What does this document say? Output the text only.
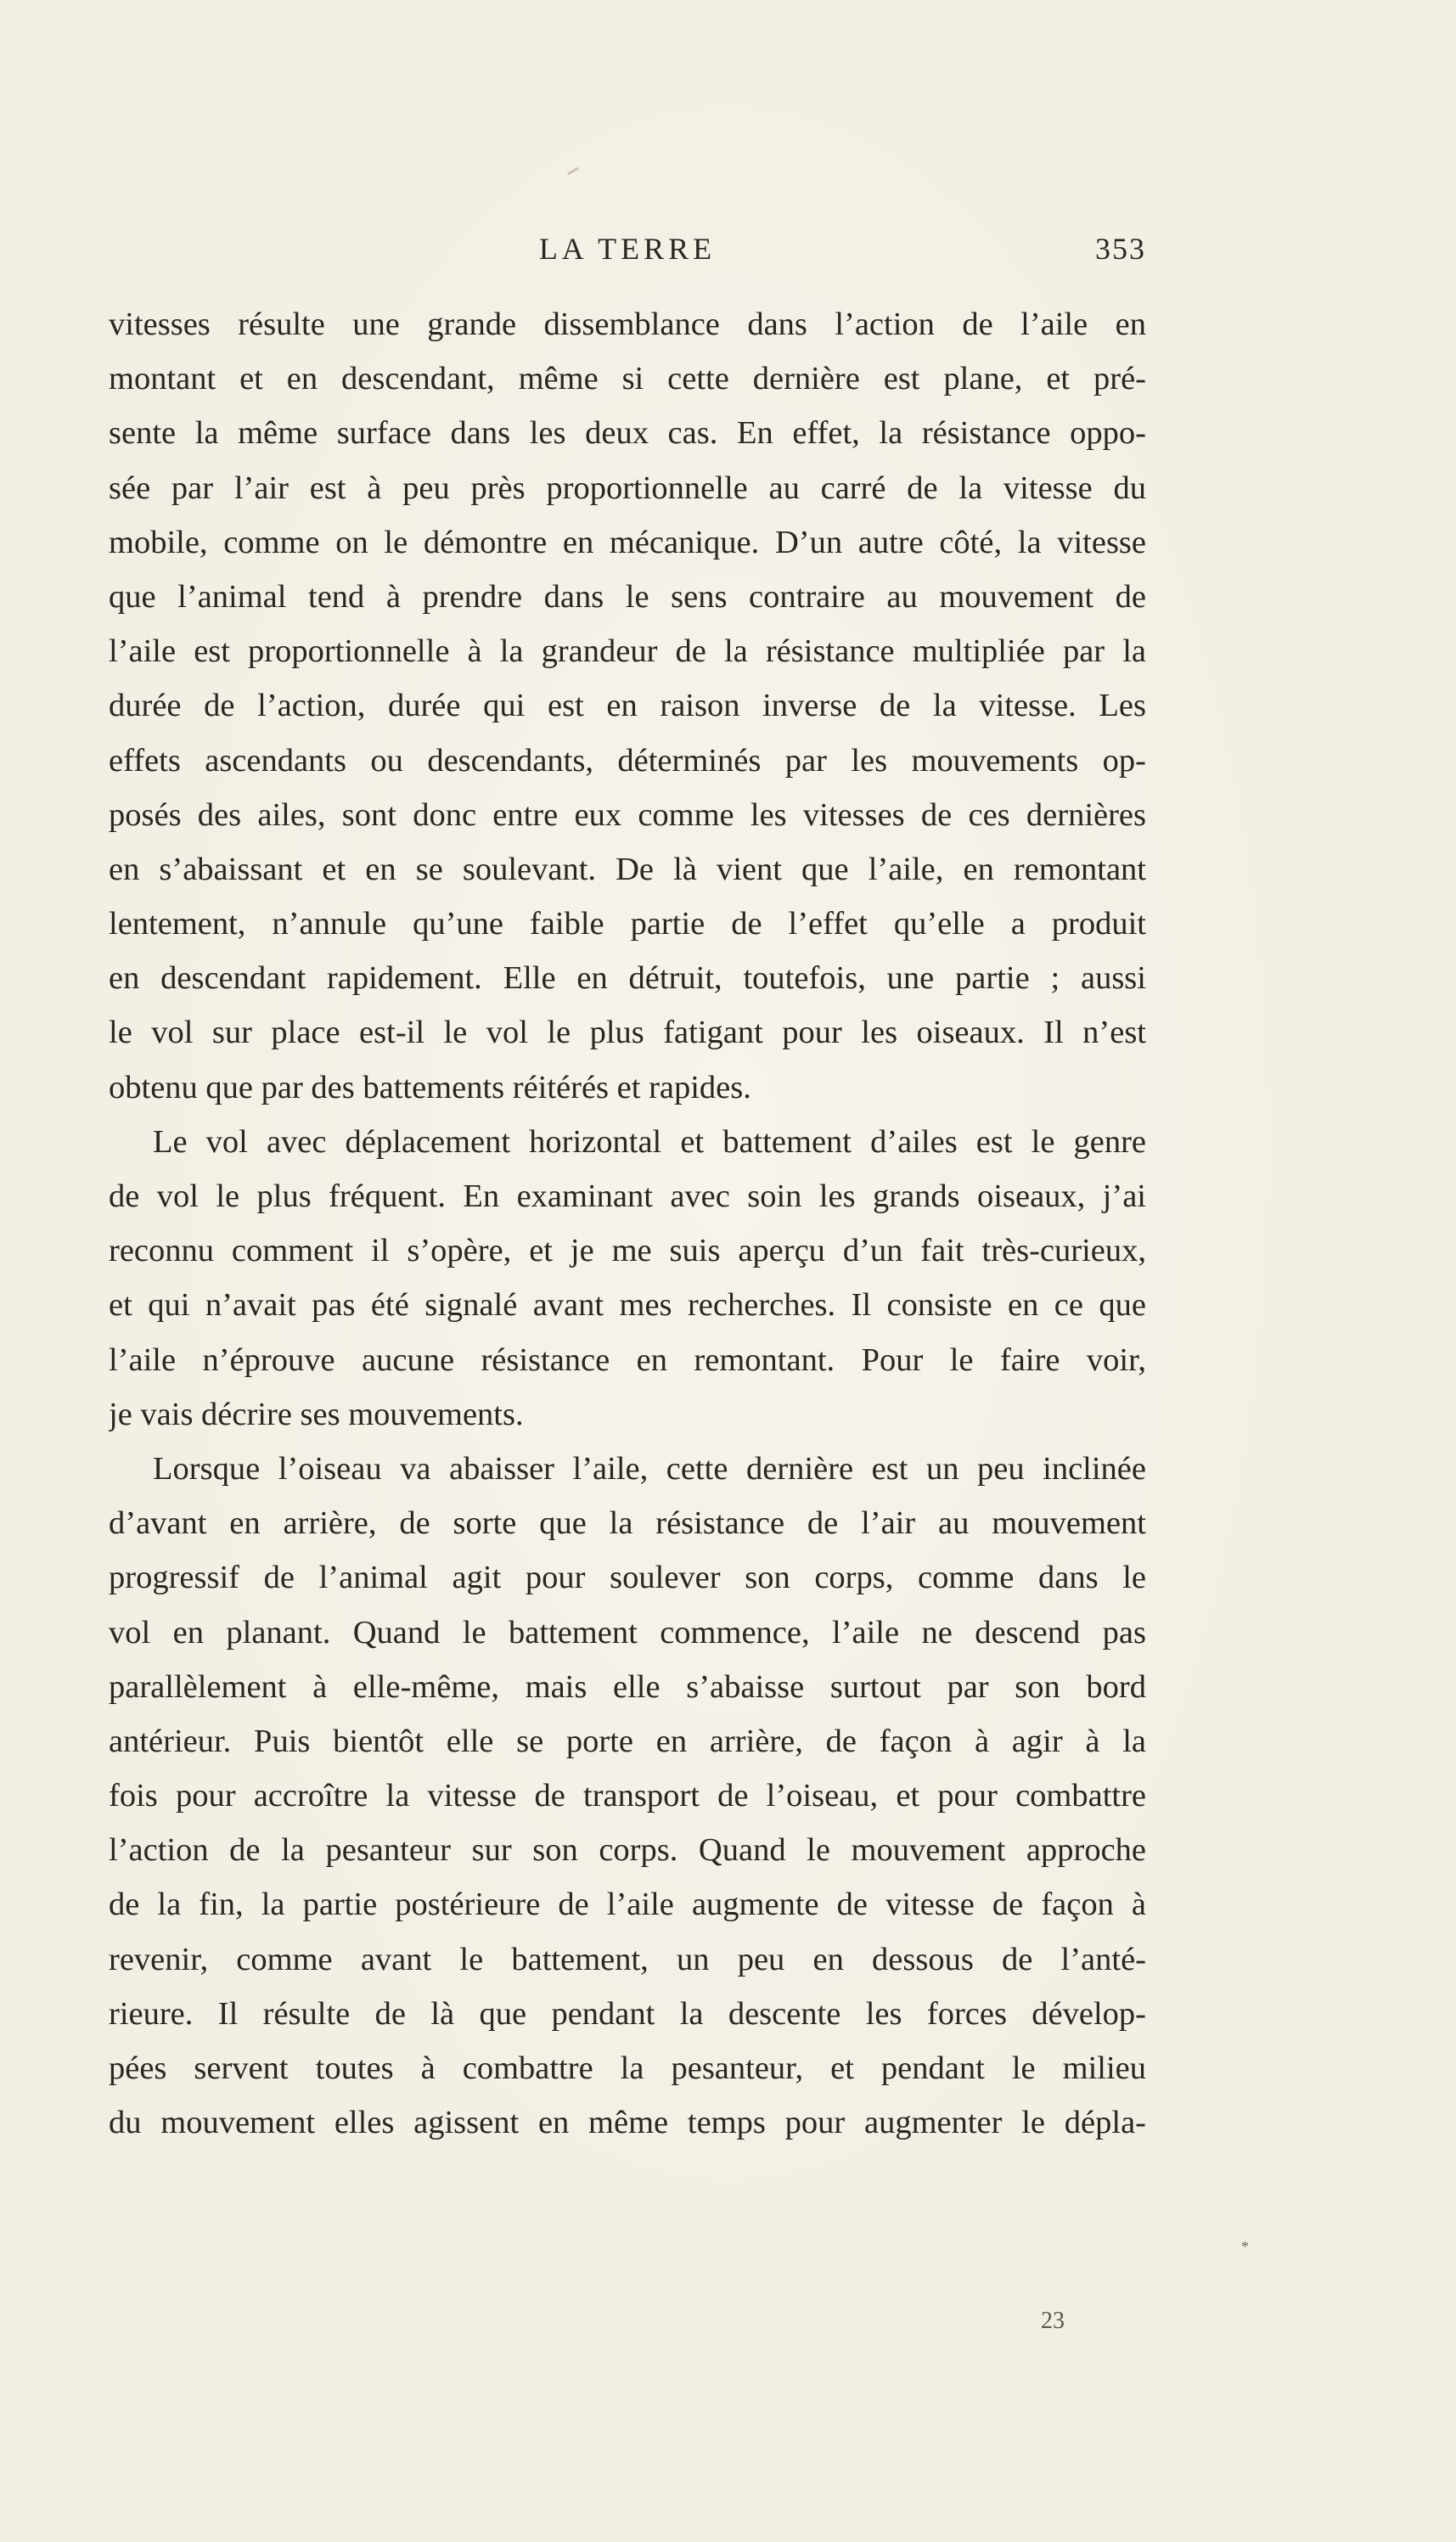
LA TERRE	353
vitesses résulte une grande dissemblance dans l’action de l’aile en
montant et en descendant, même si cette dernière est plane, et pré-
sente la même surface dans les deux cas. En effet, la résistance oppo-
sée par l’air est à peu près proportionnelle au carré de la vitesse du
mobile, comme on le démontre en mécanique. D’un autre côté, la vitesse
que l’animal tend à prendre dans le sens contraire au mouvement de
l’aile est proportionnelle à la grandeur de la résistance multipliée par la
durée de l’action, durée qui est en raison inverse de la vitesse. Les
effets ascendants ou descendants, déterminés par les mouvements op-
posés des ailes, sont donc entre eux comme les vitesses de ces dernières
en s’abaissant et en se soulevant. De là vient que l’aile, en remontant
lentement, n’annule qu’une faible partie de l’effet qu’elle a produit
en descendant rapidement. Elle en détruit, toutefois, une partie ; aussi
le vol sur place est-il le vol le plus fatigant pour les oiseaux. Il n’est
obtenu que par des battements réitérés et rapides.
Le vol avec déplacement horizontal et battement d’ailes est le genre
de vol le plus fréquent. En examinant avec soin les grands oiseaux, j’ai
reconnu comment il s’opère, et je me suis aperçu d’un fait très-curieux,
et qui n’avait pas été signalé avant mes recherches. Il consiste en ce que
l’aile n’éprouve aucune résistance en remontant. Pour le faire voir,
je vais décrire ses mouvements.
Lorsque l’oiseau va abaisser l’aile, cette dernière est un peu inclinée
d’avant en arrière, de sorte que la résistance de l’air au mouvement
progressif de l’animal agit pour soulever son corps, comme dans le
vol en planant. Quand le battement commence, l’aile ne descend pas
parallèlement à elle-même, mais elle s’abaisse surtout par son bord
antérieur. Puis bientôt elle se porte en arrière, de façon à agir à la
fois pour accroître la vitesse de transport de l’oiseau, et pour combattre
l’action de la pesanteur sur son corps. Quand le mouvement approche
de la fin, la partie postérieure de l’aile augmente de vitesse de façon à
revenir, comme avant le battement, un peu en dessous de l’anté-
rieure. Il résulte de là que pendant la descente les forces dévelop-
pées servent toutes à combattre la pesanteur, et pendant le milieu
du mouvement elles agissent en même temps pour augmenter le dépla-
*
23
